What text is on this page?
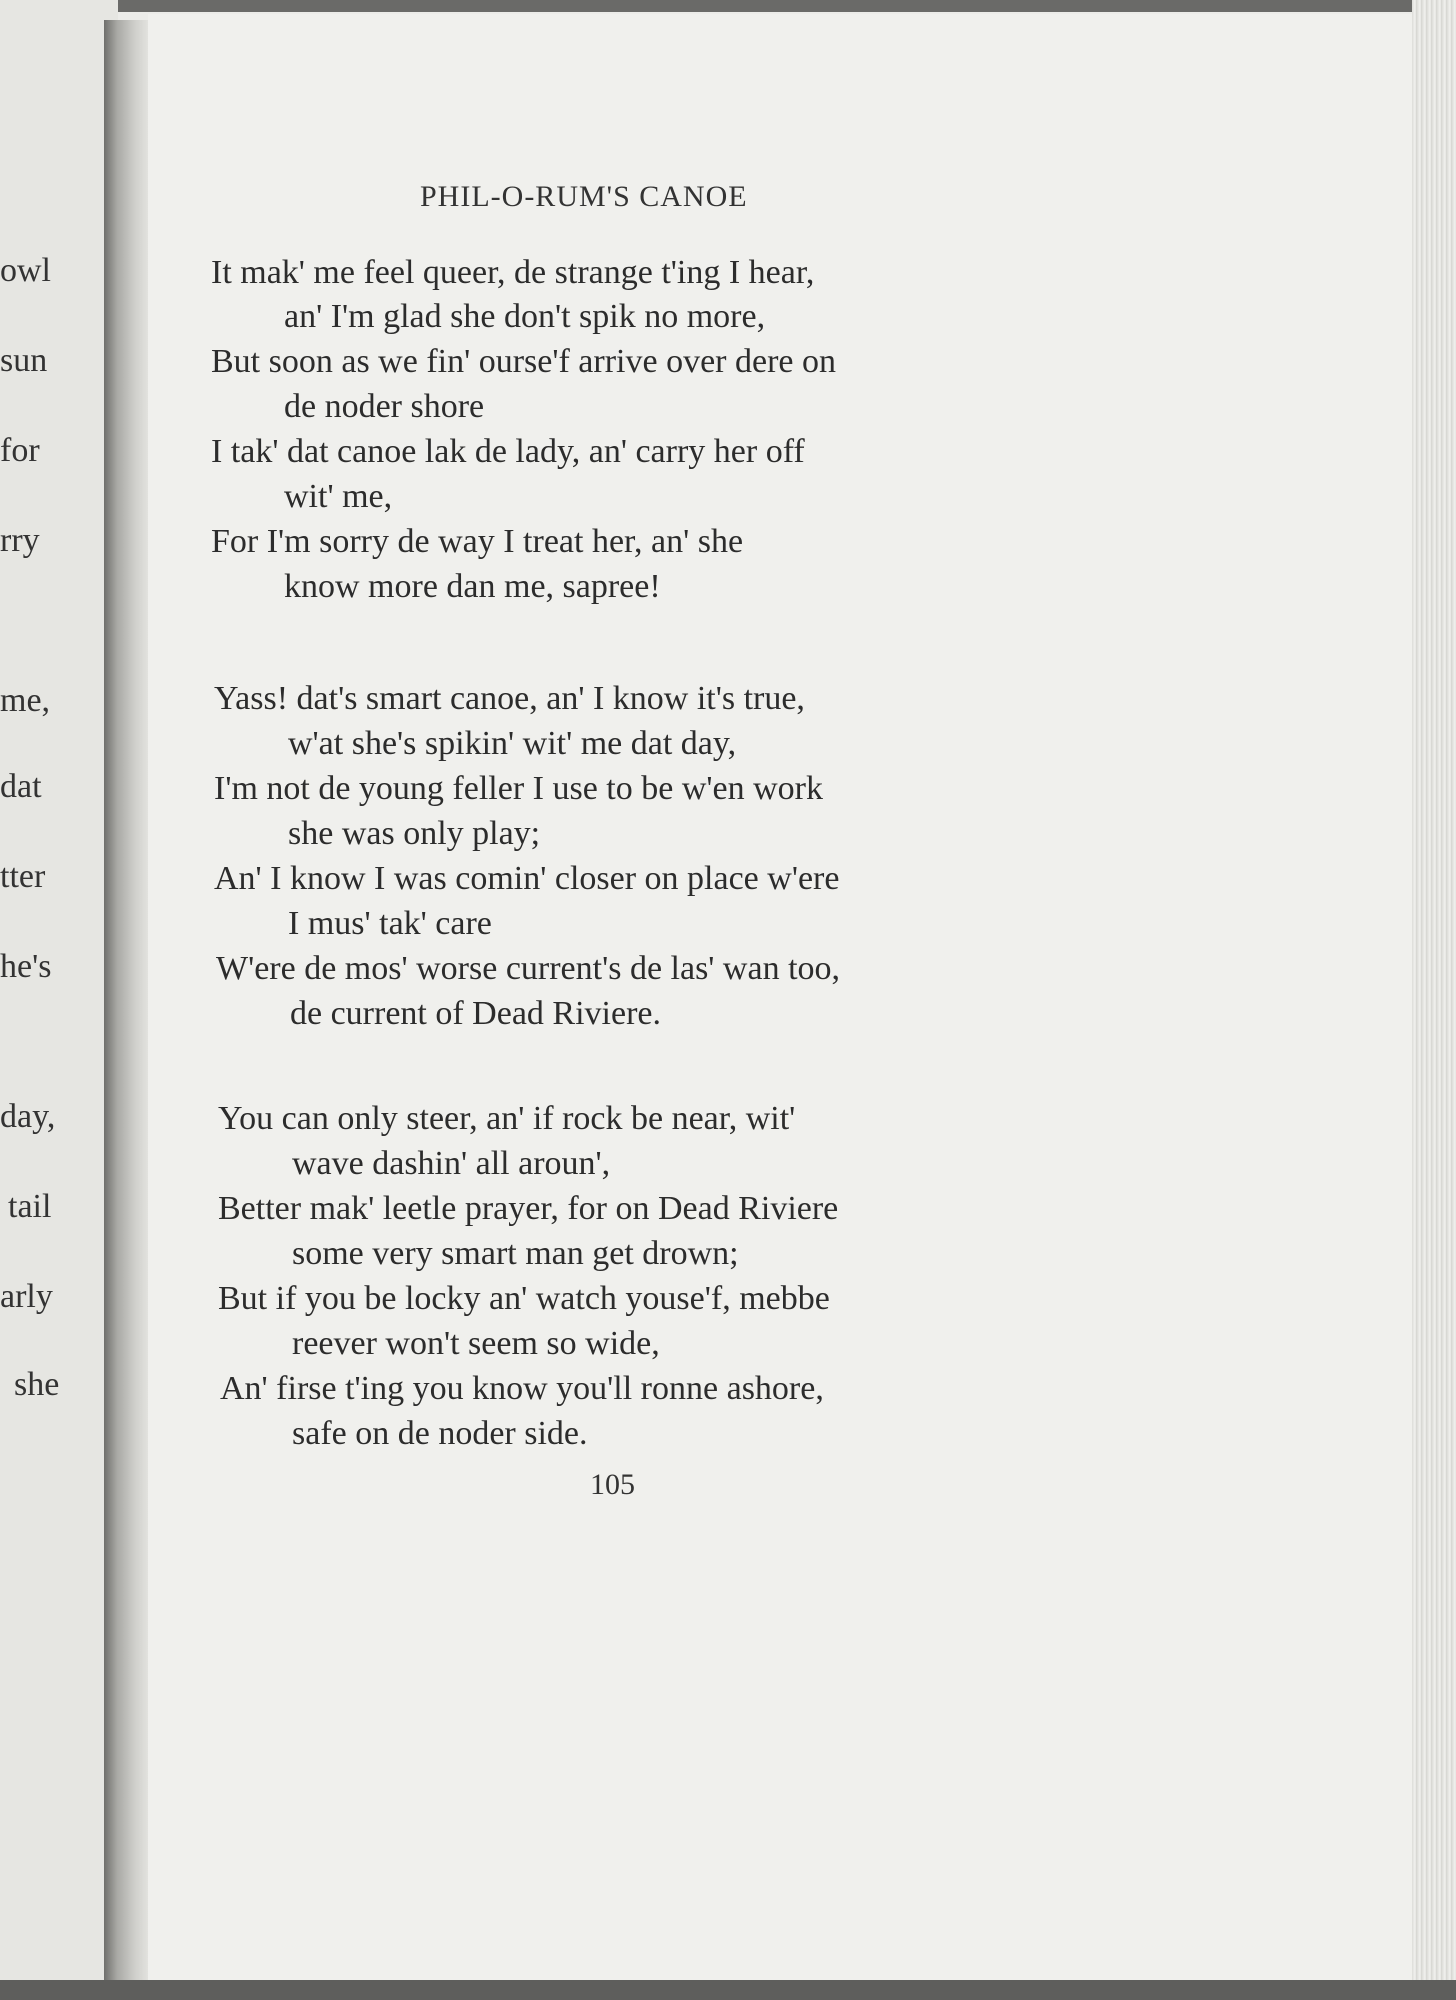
owl
sun
for
rry
me,
dat
tter
he's
day,
tail
arly
she
PHIL-O-RUM'S CANOE
It mak' me feel queer, de strange t'ing I hear,
an' I'm glad she don't spik no more,
But soon as we fin' ourse'f arrive over dere on
de noder shore
I tak' dat canoe lak de lady, an' carry her off
wit' me,
For I'm sorry de way I treat her, an' she
know more dan me, sapree!
Yass! dat's smart canoe, an' I know it's true,
w'at she's spikin' wit' me dat day,
I'm not de young feller I use to be w'en work
she was only play;
An' I know I was comin' closer on place w'ere
I mus' tak' care
W'ere de mos' worse current's de las' wan too,
de current of Dead Riviere.
You can only steer, an' if rock be near, wit'
wave dashin' all aroun',
Better mak' leetle prayer, for on Dead Riviere
some very smart man get drown;
But if you be locky an' watch youse'f, mebbe
reever won't seem so wide,
An' firse t'ing you know you'll ronne ashore,
safe on de noder side.
105
